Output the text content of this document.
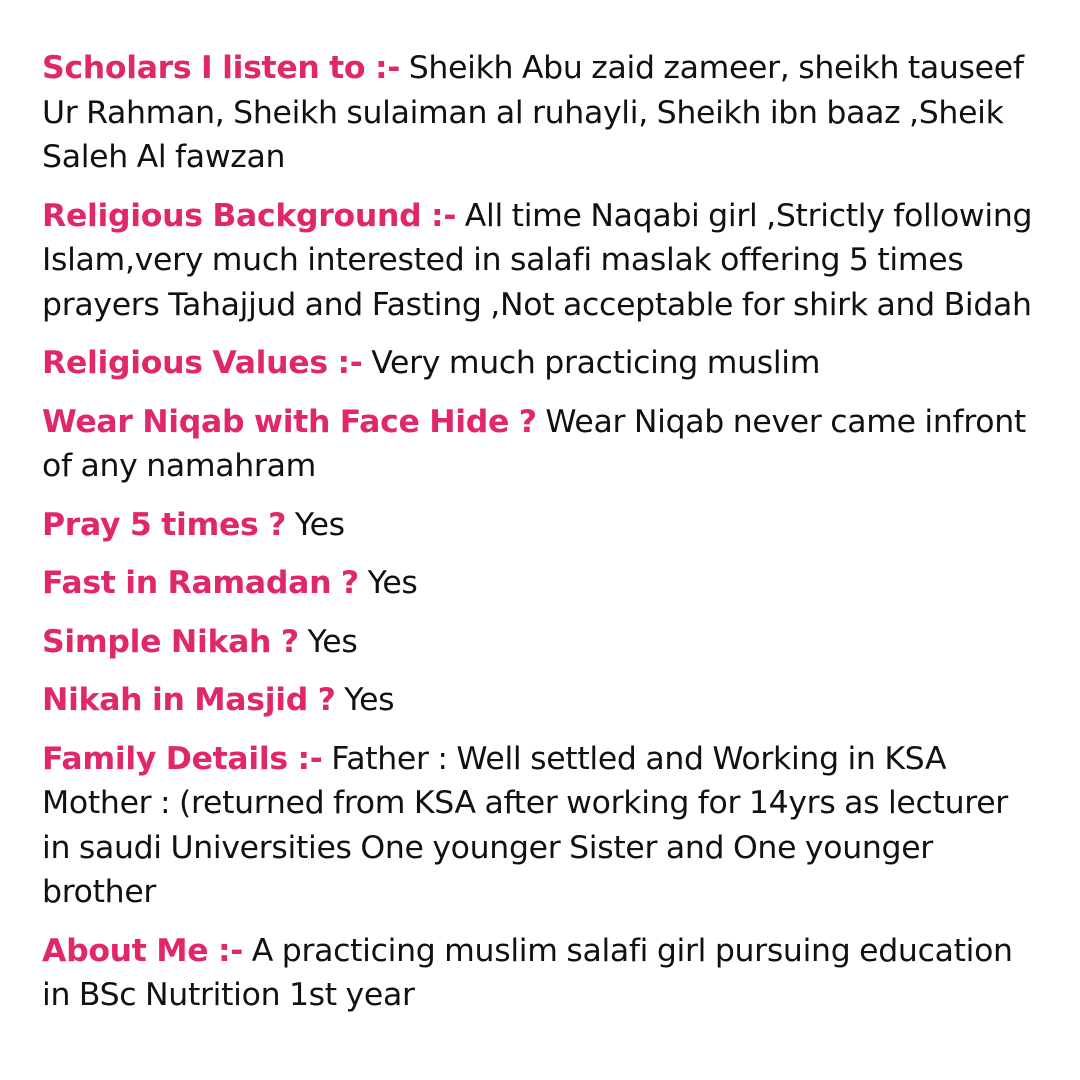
Scholars I listen to :- Sheikh Abu zaid zameer, sheikh tauseef
Ur Rahman, Sheikh sulaiman al ruhayli, Sheikh ibn baaz ,Sheik
Saleh Al fawzan
Religious Background :- All time Naqabi girl ,Strictly following
Islam,very much interested in salafi maslak offering 5 times
prayers Tahajjud and Fasting ,Not acceptable for shirk and Bidah
Religious Values :- Very much practicing muslim
Wear Niqab with Face Hide ? Wear Niqab never came infront
of any namahram
Pray 5 times ? Yes
Fast in Ramadan ? Yes
Simple Nikah ? Yes
Nikah in Masjid ? Yes
Family Details :- Father : Well settled and Working in KSA
Mother : (returned from KSA after working for 14yrs as lecturer
in saudi Universities One younger Sister and One younger
brother
About Me :- A practicing muslim salafi girl pursuing education
in BSc Nutrition 1st year
